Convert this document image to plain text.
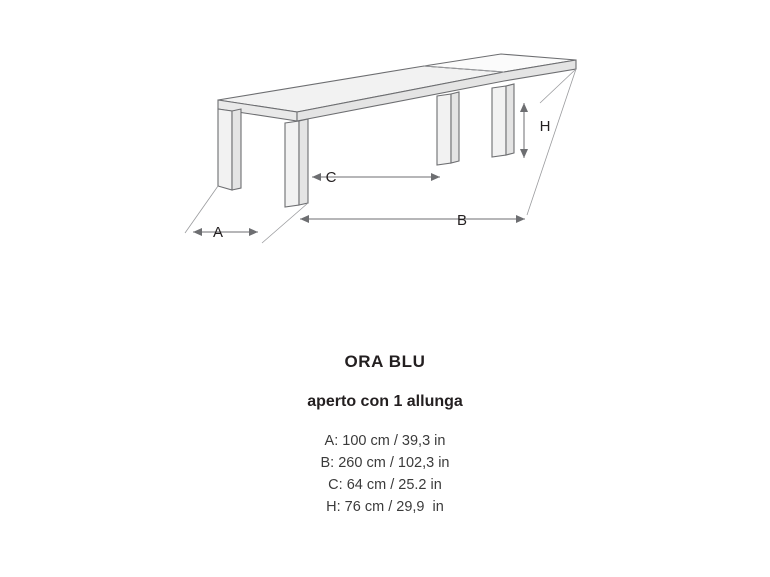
A
B
C
H
ORA BLU
aperto con 1 allunga
A: 100 cm / 39,3 in
B: 260 cm / 102,3 in
C: 64 cm / 25.2 in
H: 76 cm / 29,9  in
